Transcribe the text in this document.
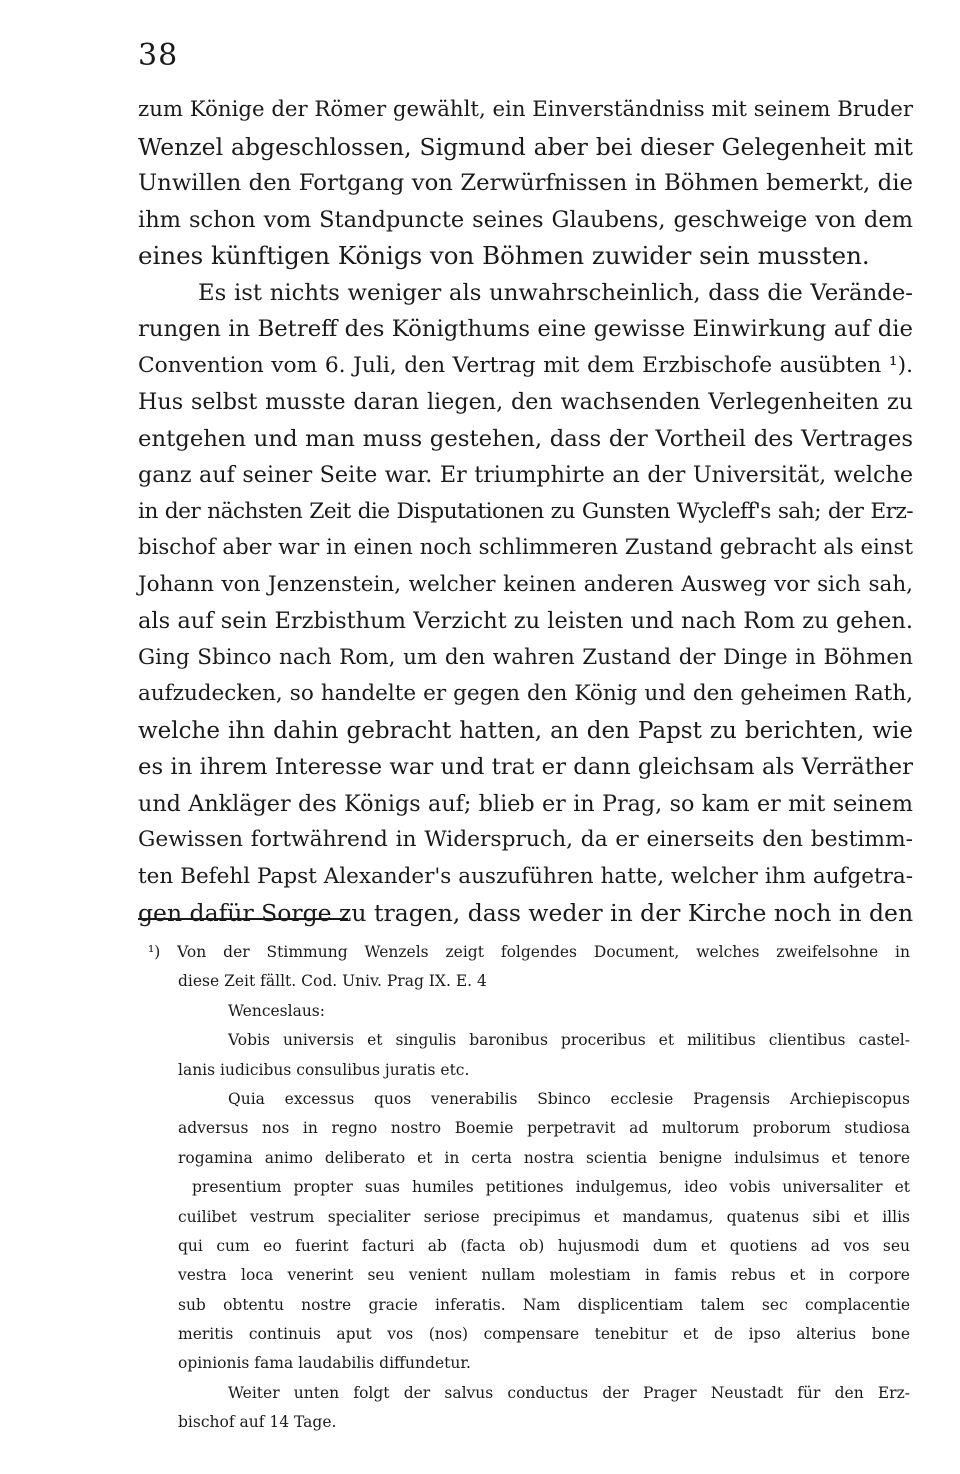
38
zum Könige der Römer gewählt, ein Einverständniss mit seinem Bruder
Wenzel abgeschlossen, Sigmund aber bei dieser Gelegenheit mit
Unwillen den Fortgang von Zerwürfnissen in Böhmen bemerkt, die
ihm schon vom Standpuncte seines Glaubens, geschweige von dem
eines künftigen Königs von Böhmen zuwider sein mussten.
Es ist nichts weniger als unwahrscheinlich, dass die Verände-
rungen in Betreff des Königthums eine gewisse Einwirkung auf die
Convention vom 6. Juli, den Vertrag mit dem Erzbischofe ausübten ¹).
Hus selbst musste daran liegen, den wachsenden Verlegenheiten zu
entgehen und man muss gestehen, dass der Vortheil des Vertrages
ganz auf seiner Seite war. Er triumphirte an der Universität, welche
in der nächsten Zeit die Disputationen zu Gunsten Wycleff's sah; der Erz-
bischof aber war in einen noch schlimmeren Zustand gebracht als einst
Johann von Jenzenstein, welcher keinen anderen Ausweg vor sich sah,
als auf sein Erzbisthum Verzicht zu leisten und nach Rom zu gehen.
Ging Sbinco nach Rom, um den wahren Zustand der Dinge in Böhmen
aufzudecken, so handelte er gegen den König und den geheimen Rath,
welche ihn dahin gebracht hatten, an den Papst zu berichten, wie
es in ihrem Interesse war und trat er dann gleichsam als Verräther
und Ankläger des Königs auf; blieb er in Prag, so kam er mit seinem
Gewissen fortwährend in Widerspruch, da er einerseits den bestimm-
ten Befehl Papst Alexander's auszuführen hatte, welcher ihm aufgetra-
gen dafür Sorge zu tragen, dass weder in der Kirche noch in den
¹) Von der Stimmung Wenzels zeigt folgendes Document, welches zweifelsohne in
diese Zeit fällt. Cod. Univ. Prag IX. E. 4
Wenceslaus:
Vobis universis et singulis baronibus proceribus et militibus clientibus castel-
lanis iudicibus consulibus juratis etc.
Quia excessus quos venerabilis Sbinco ecclesie Pragensis Archiepiscopus
adversus nos in regno nostro Boemie perpetravit ad multorum proborum studiosa
rogamina animo deliberato et in certa nostra scientia benigne indulsimus et tenore
presentium propter suas humiles petitiones indulgemus, ideo vobis universaliter et
cuilibet vestrum specialiter seriose precipimus et mandamus, quatenus sibi et illis
qui cum eo fuerint facturi ab (facta ob) hujusmodi dum et quotiens ad vos seu
vestra loca venerint seu venient nullam molestiam in famis rebus et in corpore
sub obtentu nostre gracie inferatis. Nam displicentiam talem sec complacentie
meritis continuis aput vos (nos) compensare tenebitur et de ipso alterius bone
opinionis fama laudabilis diffundetur.
Weiter unten folgt der salvus conductus der Prager Neustadt für den Erz-
bischof auf 14 Tage.
